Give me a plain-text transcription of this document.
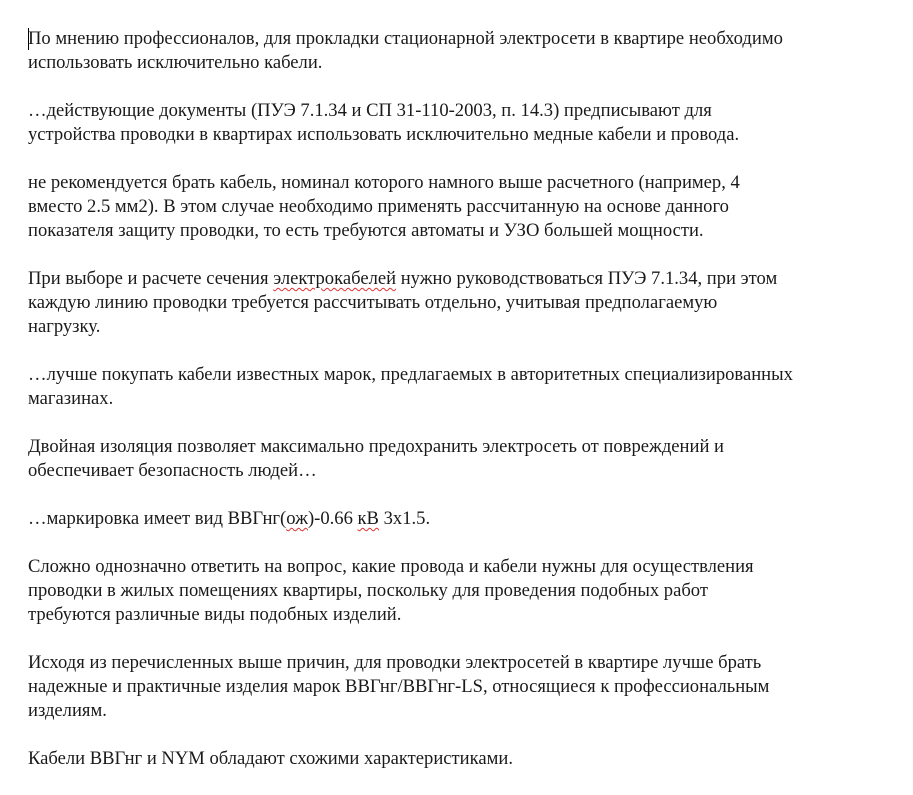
По мнению профессионалов, для прокладки стационарной электросети в квартире необходимо
использовать исключительно кабели.

…действующие документы (ПУЭ 7.1.34 и СП 31-110-2003, п. 14.3) предписывают для
устройства проводки в квартирах использовать исключительно медные кабели и провода.

не рекомендуется брать кабель, номинал которого намного выше расчетного (например, 4
вместо 2.5 мм2). В этом случае необходимо применять рассчитанную на основе данного
показателя защиту проводки, то есть требуются автоматы и УЗО большей мощности.

При выборе и расчете сечения электрокабелей нужно руководствоваться ПУЭ 7.1.34, при этом
каждую линию проводки требуется рассчитывать отдельно, учитывая предполагаемую
нагрузку.

…лучше покупать кабели известных марок, предлагаемых в авторитетных специализированных
магазинах.

Двойная изоляция позволяет максимально предохранить электросеть от повреждений и
обеспечивает безопасность людей…

…маркировка имеет вид ВВГнг(ож)-0.66 кВ 3х1.5.

Сложно однозначно ответить на вопрос, какие провода и кабели нужны для осуществления
проводки в жилых помещениях квартиры, поскольку для проведения подобных работ
требуются различные виды подобных изделий.

Исходя из перечисленных выше причин, для проводки электросетей в квартире лучше брать
надежные и практичные изделия марок ВВГнг/ВВГнг-LS, относящиеся к профессиональным
изделиям.

Кабели ВВГнг и NYM обладают схожими характеристиками.
